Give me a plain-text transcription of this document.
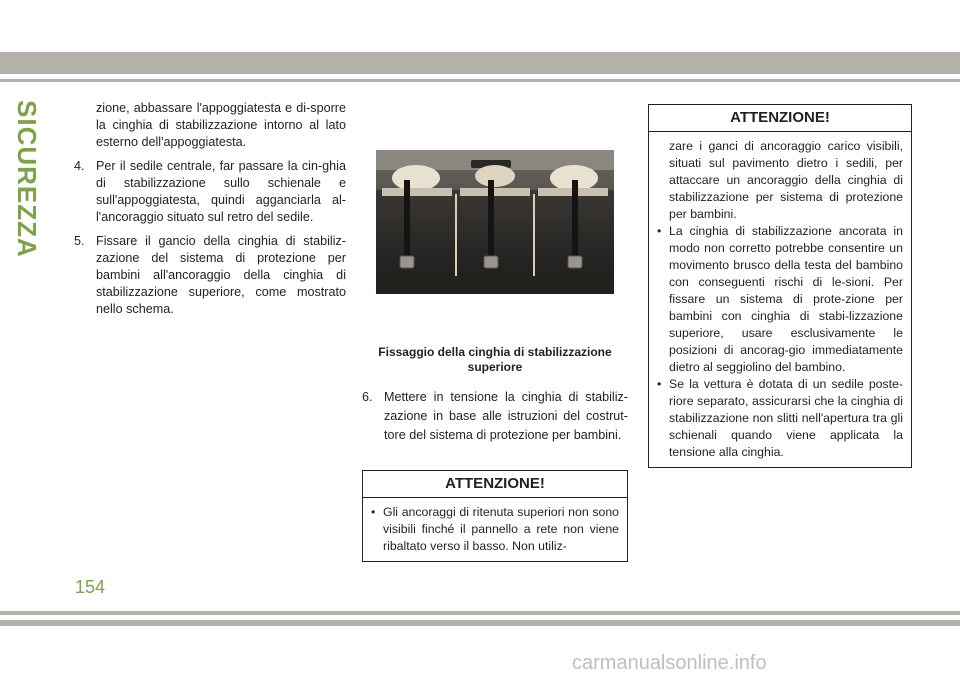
SICUREZZA	zione, abbassare l'appoggiatesta e di-sporre la cinghia di stabilizzazione intorno al lato esterno dell'appoggiatesta.
4. Per il sedile centrale, far passare la cin-ghia di stabilizzazione sullo schienale e sull'appoggiatesta, quindi agganciarla al-l'ancoraggio situato sul retro del sedile.
5. Fissare il gancio della cinghia di stabiliz-zazione del sistema di protezione per bambini all'ancoraggio della cinghia di stabilizzazione superiore, come mostrato nello schema.
Fissaggio della cinghia di stabilizzazione superiore
6. Mettere in tensione la cinghia di stabiliz-zazione in base alle istruzioni del costrut-tore del sistema di protezione per bambini.
ATTENZIONE!
• Gli ancoraggi di ritenuta superiori non sono visibili finché il pannello a rete non viene ribaltato verso il basso. Non utiliz-
ATTENZIONE!
zare i ganci di ancoraggio carico visibili, situati sul pavimento dietro i sedili, per attaccare un ancoraggio della cinghia di stabilizzazione per sistema di protezione per bambini.
• La cinghia di stabilizzazione ancorata in modo non corretto potrebbe consentire un movimento brusco della testa del bambino con conseguenti rischi di le-sioni. Per fissare un sistema di prote-zione per bambini con cinghia di stabi-lizzazione superiore, usare esclusivamente le posizioni di ancorag-gio immediatamente dietro al seggiolino del bambino.
• Se la vettura è dotata di un sedile poste-riore separato, assicurarsi che la cinghia di stabilizzazione non slitti nell'apertura tra gli schienali quando viene applicata la tensione alla cinghia.
154
carmanualsonline.info
